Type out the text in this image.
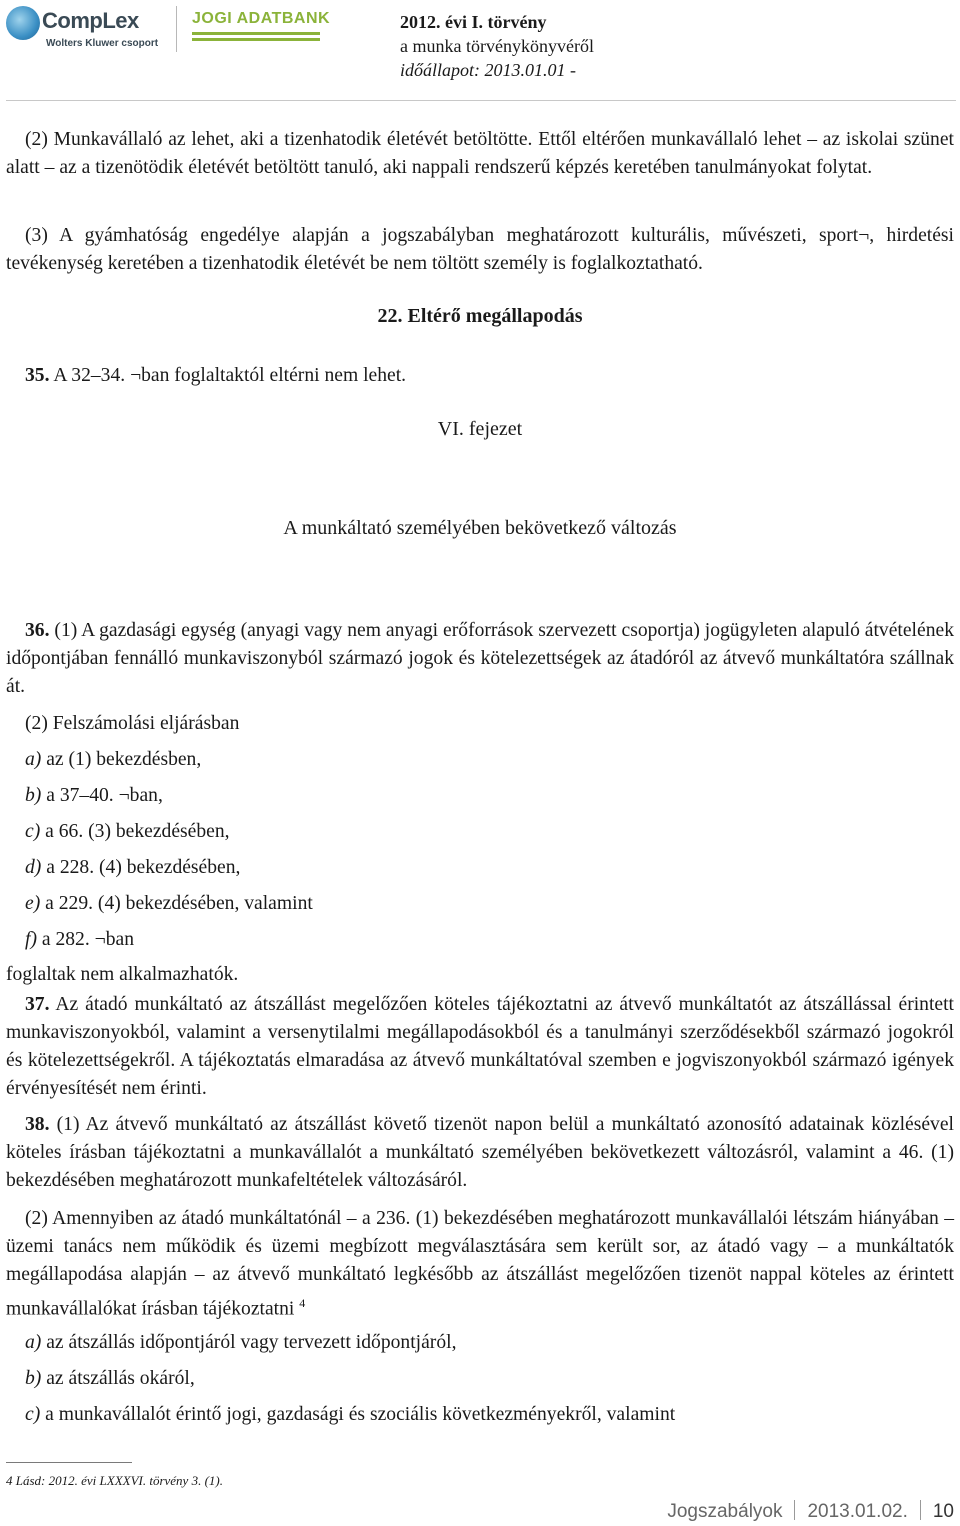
CompLex
Wolters Kluwer csoport
JOGI ADATBANK	2012. évi I. törvény
a munka törvénykönyvéről
időállapot: 2013.01.01 -
(2) Munkavállaló az lehet, aki a tizenhatodik életévét betöltötte. Ettől eltérően munkavállaló lehet – az iskolai szünet alatt – az a tizenötödik életévét betöltött tanuló, aki nappali rendszerű képzés keretében tanulmányokat folytat.
(3) A gyámhatóság engedélye alapján a jogszabályban meghatározott kulturális, művészeti, sport¬, hirdetési tevékenység keretében a tizenhatodik életévét be nem töltött személy is foglalkoztatható.
22. Eltérő megállapodás
35. A 32–34. ¬ban foglaltaktól eltérni nem lehet.
VI. fejezet
A munkáltató személyében bekövetkező változás
36. (1) A gazdasági egység (anyagi vagy nem anyagi erőforrások szervezett csoportja) jogügyleten alapuló átvételének időpontjában fennálló munkaviszonyból származó jogok és kötelezettségek az átadóról az átvevő munkáltatóra szállnak át.
(2) Felszámolási eljárásban
a) az (1) bekezdésben,
b) a 37–40. ¬ban,
c) a 66. (3) bekezdésében,
d) a 228. (4) bekezdésében,
e) a 229. (4) bekezdésében, valamint
f) a 282. ¬ban
foglaltak nem alkalmazhatók.
37. Az átadó munkáltató az átszállást megelőzően köteles tájékoztatni az átvevő munkáltatót az átszállással érintett munkaviszonyokból, valamint a versenytilalmi megállapodásokból és a tanulmányi szerződésekből származó jogokról és kötelezettségekről. A tájékoztatás elmaradása az átvevő munkáltatóval szemben e jogviszonyokból származó igények érvényesítését nem érinti.
38. (1) Az átvevő munkáltató az átszállást követő tizenöt napon belül a munkáltató azonosító adatainak közlésével köteles írásban tájékoztatni a munkavállalót a munkáltató személyében bekövetkezett változásról, valamint a 46. (1) bekezdésében meghatározott munkafeltételek változásáról.
(2) Amennyiben az átadó munkáltatónál – a 236. (1) bekezdésében meghatározott munkavállalói létszám hiányában – üzemi tanács nem működik és üzemi megbízott megválasztására sem került sor, az átadó vagy – a munkáltatók megállapodása alapján – az átvevő munkáltató legkésőbb az átszállást megelőzően tizenöt nappal köteles az érintett munkavállalókat írásban tájékoztatni $^4$
a) az átszállás időpontjáról vagy tervezett időpontjáról,
b) az átszállás okáról,
c) a munkavállalót érintő jogi, gazdasági és szociális következményekről, valamint
4 Lásd: 2012. évi LXXXVI. törvény 3. (1).
Jogszabályok 2013.01.02. 10
